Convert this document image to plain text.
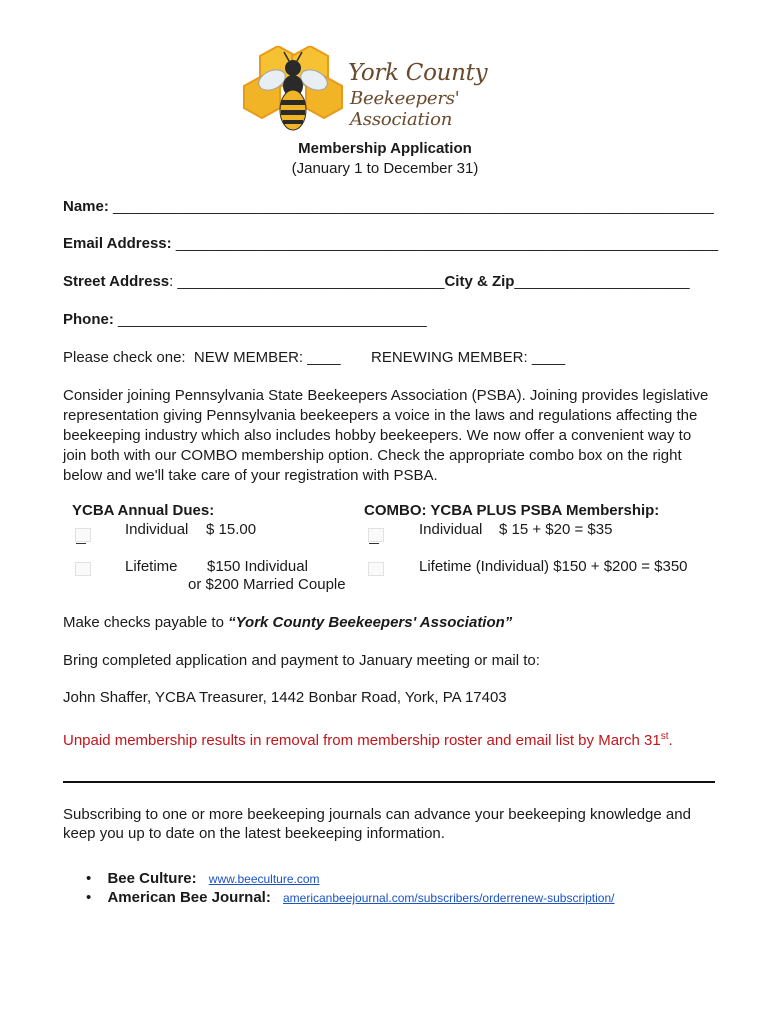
York County
Beekeepers' Association
Membership Application
(January 1 to December 31)
Name: ________________________________________________________________________
Email Address: _________________________________________________________________
Street Address: ________________________________City & Zip_____________________
Phone: _____________________________________
Please check one: NEW MEMBER: ____ RENEWING MEMBER: ____
Consider joining Pennsylvania State Beekeepers Association (PSBA). Joining provides legislative
representation giving Pennsylvania beekeepers a voice in the laws and regulations affecting the
beekeeping industry which also includes hobby beekeepers. We now offer a convenient way to
join both with our COMBO membership option. Check the appropriate combo box on the right
below and we'll take care of your registration with PSBA.
YCBA Annual Dues:
Individual $ 15.00
Lifetime $150 Individual
or $200 Married Couple
COMBO: YCBA PLUS PSBA Membership:
Individual $ 15 + $20 = $35
Lifetime (Individual) $150 + $200 = $350
Make checks payable to “York County Beekeepers' Association”
Bring completed application and payment to January meeting or mail to:
John Shaffer, YCBA Treasurer, 1442 Bonbar Road, York, PA 17403
Unpaid membership results in removal from membership roster and email list by March 31st.
Subscribing to one or more beekeeping journals can advance your beekeeping knowledge and
keep you up to date on the latest beekeeping information.
• Bee Culture: www.beeculture.com
• American Bee Journal: americanbeejournal.com/subscribers/orderrenew-subscription/
